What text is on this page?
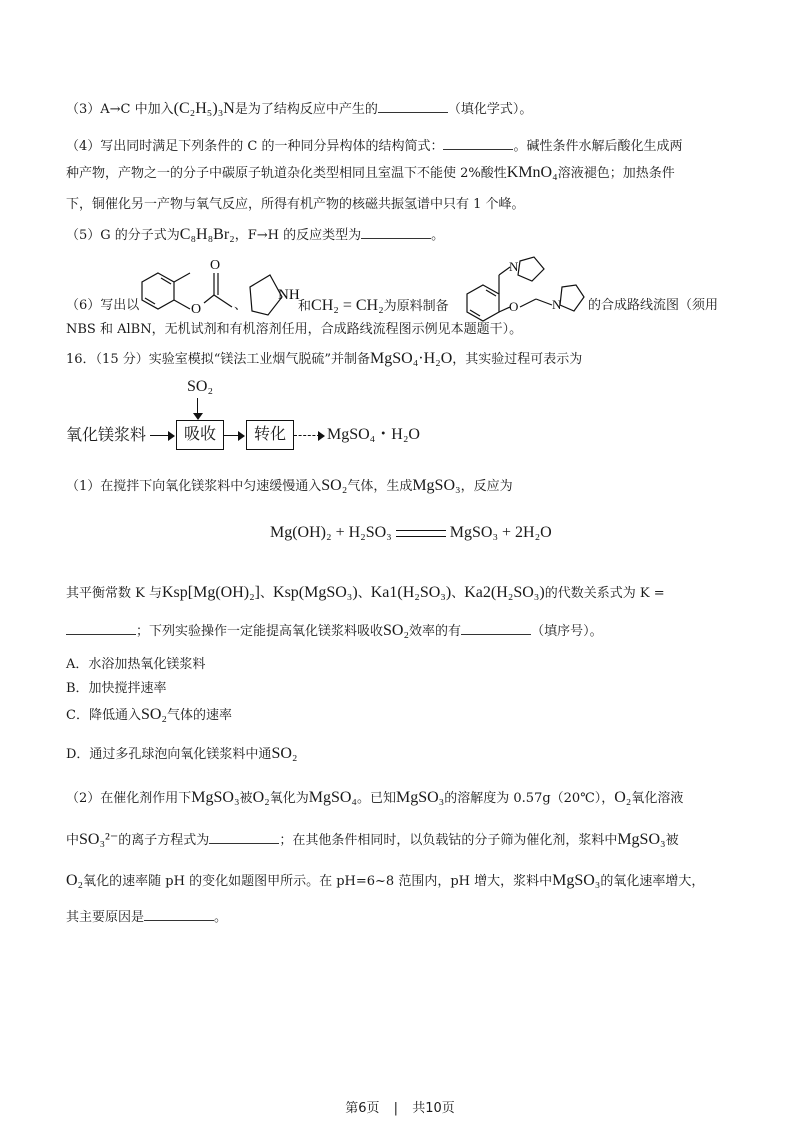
（3）A→C 中加入(C₂H₅)₃N是为了结构反应中产生的	（填化学式）。
（4）写出同时满足下列条件的 C 的一种同分异构体的结构简式：	。碱性条件水解后酸化生成两
种产物，产物之一的分子中碳原子轨道杂化类型相同且室温下不能使 2%酸性KMnO₄溶液褪色；加热条件
下，铜催化另一产物与氧气反应，所得有机产物的核磁共振氢谱中只有 1 个峰。
（5）G 的分子式为C₈H₈Br₂，F→H 的反应类型为	。
O
O
NH
O
N
N
（6）写出以	、	和CH₂ = CH₂为原料制备	的合成路线流图（须用
NBS 和 AlBN，无机试剂和有机溶剂任用，合成路线流程图示例见本题题干）。
16．（15 分）实验室模拟“镁法工业烟气脱硫”并制备MgSO₄·H₂O，其实验过程可表示为
SO₂
氧化镁浆料	吸收	转化	MgSO₄・H₂O
（1）在搅拌下向氧化镁浆料中匀速缓慢通入SO₂气体，生成MgSO₃，反应为
Mg(OH)₂ + H₂SO₃	MgSO₃ + 2H₂O
其平衡常数 K 与Ksp[Mg(OH)₂]、Ksp(MgSO₃)、Ka1(H₂SO₃)、Ka2(H₂SO₃)的代数关系式为 K =
；下列实验操作一定能提高氧化镁浆料吸收SO₂效率的有	（填序号）。
A．水浴加热氧化镁浆料
B．加快搅拌速率
C．降低通入SO₂气体的速率
D．通过多孔球泡向氧化镁浆料中通SO₂
（2）在催化剂作用下MgSO₃被O₂氧化为MgSO₄。已知MgSO₃的溶解度为 0.57g（20℃），O₂氧化溶液
中SO₃²⁻的离子方程式为	；在其他条件相同时，以负载钴的分子筛为催化剂，浆料中MgSO₃被
O₂氧化的速率随 pH 的变化如题图甲所示。在 pH=6~8 范围内，pH 增大，浆料中MgSO₃的氧化速率增大，
其主要原因是	。
第6页 | 共10页
